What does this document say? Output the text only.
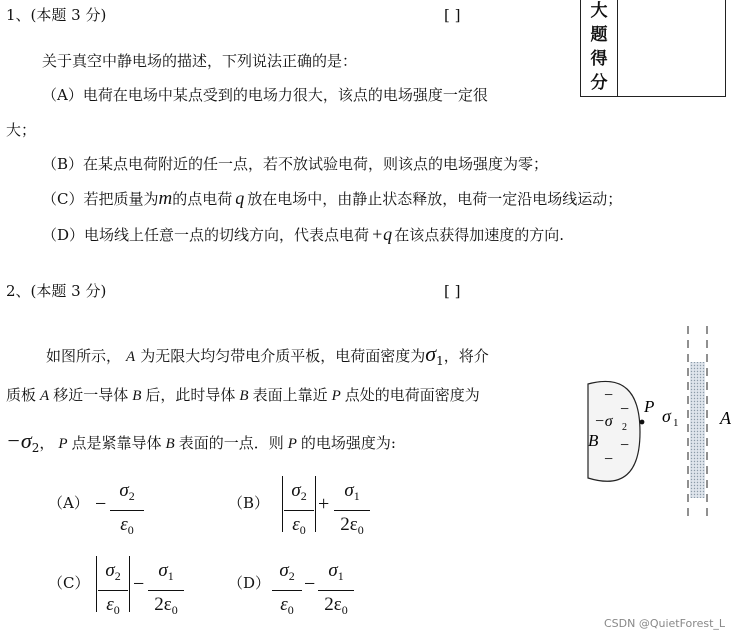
1、(本题 3 分)	[ ]	大
题
得
分
关于真空中静电场的描述，下列说法正确的是：
（A）电荷在电场中某点受到的电场力很大，该点的电场强度一定很
大；
（B）在某点电荷附近的任一点，若不放试验电荷，则该点的电场强度为零；
（C）若把质量为m的点电荷 q 放在电场中，由静止状态释放，电荷一定沿电场线运动；
（D）电场线上任意一点的切线方向，代表点电荷 +q 在该点获得加速度的方向.
2、(本题 3 分)	[ ]
如图所示， A 为无限大均匀带电介质平板，电荷面密度为$\sigma_1$，将介
质板 A 移近一导体 B 后，此时导体 B 表面上靠近 P 点处的电荷面密度为
$-\sigma_2$， P 点是紧靠导体 B 表面的一点．则 P 的电场强度为:
（A） −
$\sigma_2$
$\varepsilon_0$
（B）
$\sigma_2$
$\varepsilon_0$
+
$\sigma_1$
$2\varepsilon_0$
（C）
$\sigma_2$
$\varepsilon_0$
−
$\sigma_1$
$2\varepsilon_0$
（D）
$\sigma_2$
$\varepsilon_0$
−
$\sigma_1$
$2\varepsilon_0$
−
−
−
−
−σ 2
B
P σ 1 A
CSDN @QuietForest_L
